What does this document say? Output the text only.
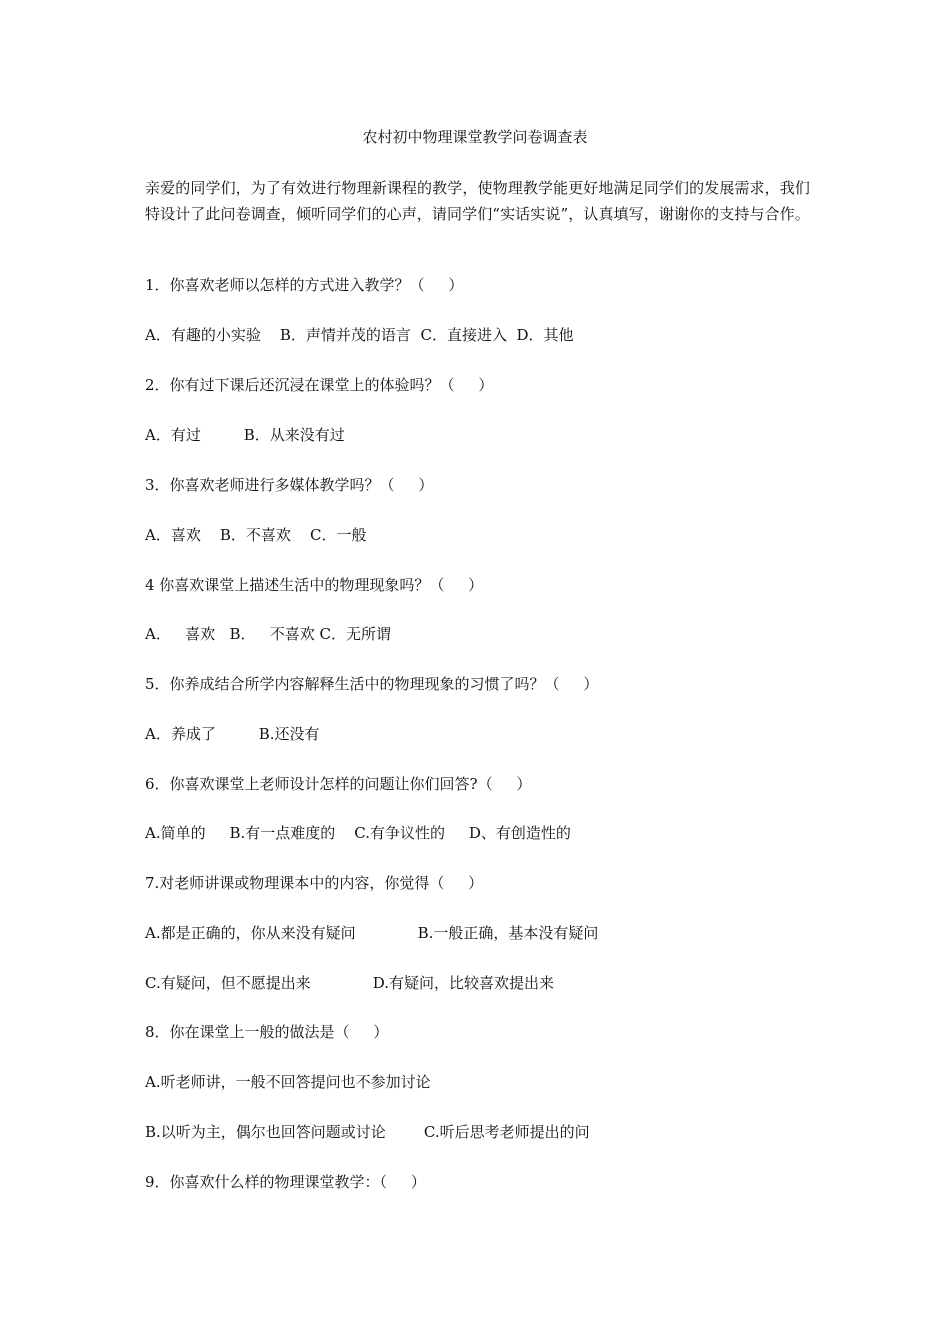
农村初中物理课堂教学问卷调查表
亲爱的同学们，为了有效进行物理新课程的教学，使物理教学能更好地满足同学们的发展需求，我们特设计了此问卷调查，倾听同学们的心声，请同学们“实话实说”，认真填写，谢谢你的支持与合作。
1．你喜欢老师以怎样的方式进入教学？（     ）
A．有趣的小实验    B．声情并茂的语言  C．直接进入  D．其他
2．你有过下课后还沉浸在课堂上的体验吗？（     ）
A．有过         B．从来没有过
3．你喜欢老师进行多媒体教学吗？（     ）
A．喜欢    B．不喜欢    C．一般
4 你喜欢课堂上描述生活中的物理现象吗？（     ）
A．   喜欢   B．   不喜欢 C．无所谓
5．你养成结合所学内容解释生活中的物理现象的习惯了吗？（     ）
A．养成了         B.还没有
6．你喜欢课堂上老师设计怎样的问题让你们回答?（     ）
A.简单的     B.有一点难度的    C.有争议性的     D、有创造性的
7.对老师讲课或物理课本中的内容，你觉得（     ）
A.都是正确的，你从来没有疑问             B.一般正确，基本没有疑问
C.有疑问，但不愿提出来             D.有疑问，比较喜欢提出来
8．你在课堂上一般的做法是（     ）
A.听老师讲，一般不回答提问也不参加讨论
B.以听为主，偶尔也回答问题或讨论        C.听后思考老师提出的问
9．你喜欢什么样的物理课堂教学：（     ）
